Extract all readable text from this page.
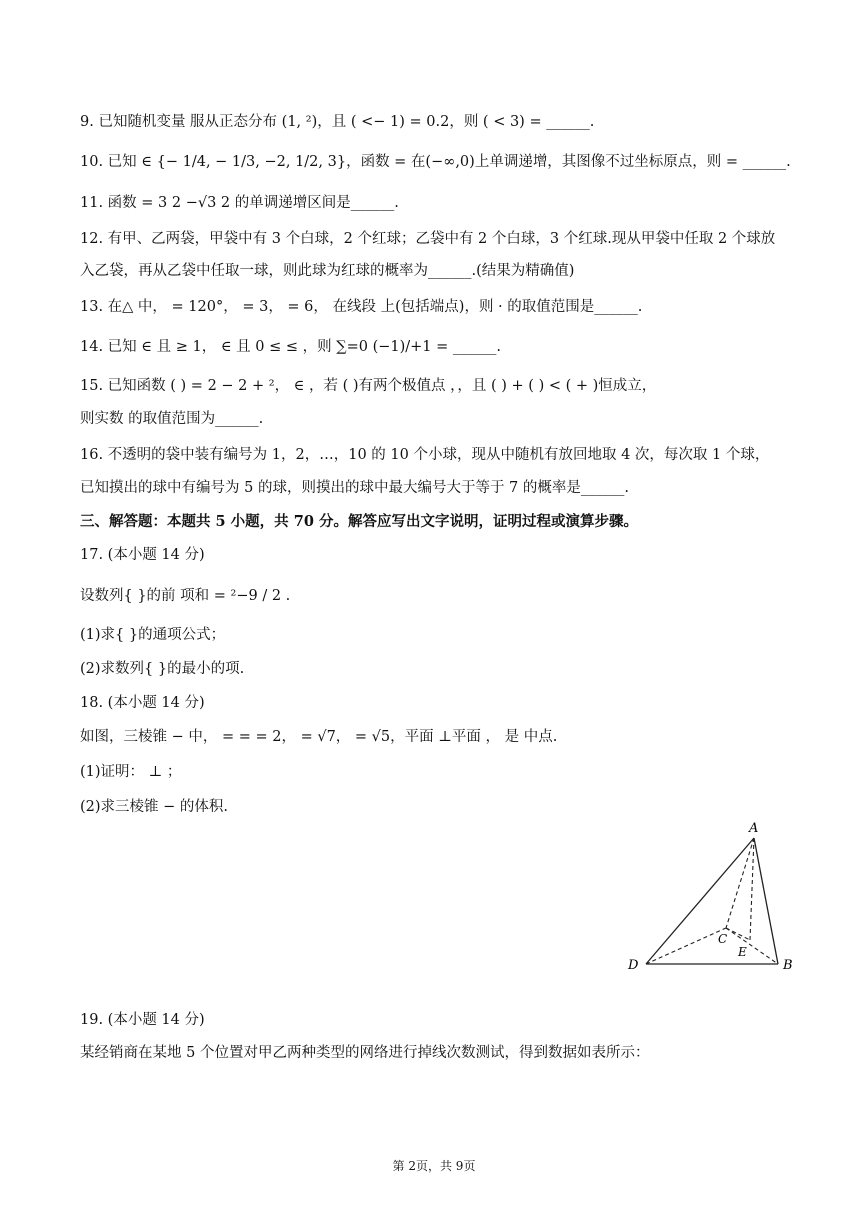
9. 已知随机变量 服从正态分布 (1, ²)，且 ( <− 1) = 0.2，则 ( < 3) = ______.
10. 已知 ∈ {− 1/4, − 1/3, −2, 1/2, 3}，函数 = 在(−∞,0)上单调递增，其图像不过坐标原点，则 = ______.
11. 函数 = 3 2 −√3 2 的单调递增区间是______.
12. 有甲、乙两袋，甲袋中有 3 个白球，2 个红球；乙袋中有 2 个白球，3 个红球.现从甲袋中任取 2 个球放
入乙袋，再从乙袋中任取一球，则此球为红球的概率为______.(结果为精确值)
13. 在△ 中， = 120°， = 3， = 6， 在线段 上(包括端点)，则 · 的取值范围是______.
14. 已知 ∈ 且 ≥ 1， ∈ 且 0 ≤ ≤ ，则 ∑=0 (−1)/+1 = ______.
15. 已知函数 ( ) = 2 − 2 + ²， ∈ ，若 ( )有两个极值点 ，，且 ( ) + ( ) < ( + )恒成立，
则实数 的取值范围为______.
16. 不透明的袋中装有编号为 1，2，…，10 的 10 个小球，现从中随机有放回地取 4 次，每次取 1 个球，
已知摸出的球中有编号为 5 的球，则摸出的球中最大编号大于等于 7 的概率是______.
三、解答题：本题共 5 小题，共 70 分。解答应写出文字说明，证明过程或演算步骤。
17. (本小题 14 分)
设数列{ }的前 项和 = ²−9 / 2 .
(1)求{ }的通项公式；
(2)求数列{ }的最小的项.
18. (本小题 14 分)
如图，三棱锥 − 中， = = = 2， = √7， = √5，平面 ⊥平面 ， 是 中点.
(1)证明： ⊥ ；
(2)求三棱锥 − 的体积.
19. (本小题 14 分)
某经销商在某地 5 个位置对甲乙两种类型的网络进行掉线次数测试，得到数据如表所示：
A
D	B
C
E
第 2页，共 9页
